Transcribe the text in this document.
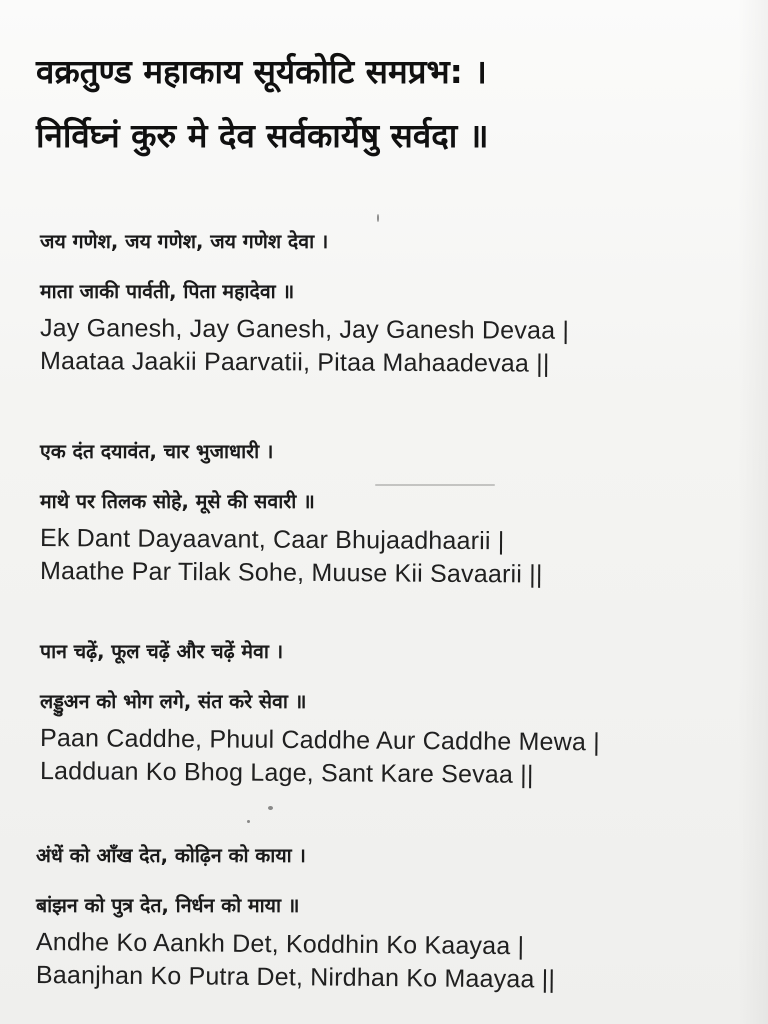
वक्रतुण्ड महाकाय सूर्यकोटि समप्रभ: ।
निर्विघ्नं कुरु मे देव सर्वकार्येषु सर्वदा ॥
जय गणेश, जय गणेश, जय गणेश देवा ।
माता जाकी पार्वती, पिता महादेवा ॥
Jay Ganesh, Jay Ganesh, Jay Ganesh Devaa |
Maataa Jaakii Paarvatii, Pitaa Mahaadevaa ||
एक दंत दयावंत, चार भुजाधारी ।
माथे पर तिलक सोहे, मूसे की सवारी ॥
Ek Dant Dayaavant, Caar Bhujaadhaarii |
Maathe Par Tilak Sohe, Muuse Kii Savaarii ||
पान चढ़ें, फूल चढ़ें और चढ़ें मेवा ।
लड्डुअन को भोग लगे, संत करे सेवा ॥
Paan Caddhe, Phuul Caddhe Aur Caddhe Mewa |
Ladduan Ko Bhog Lage, Sant Kare Sevaa ||
अंधें को आँख देत, कोढ़िन को काया ।
बांझन को पुत्र देत, निर्धन को माया ॥
Andhe Ko Aankh Det, Koddhin Ko Kaayaa |
Baanjhan Ko Putra Det, Nirdhan Ko Maayaa ||
